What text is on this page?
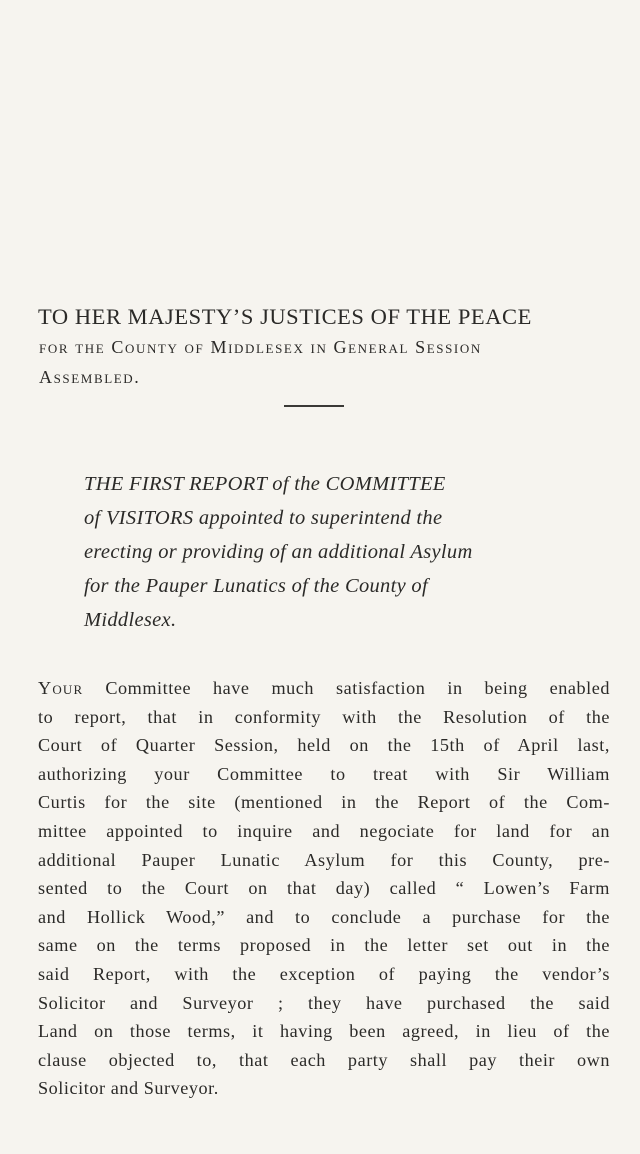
TO HER MAJESTY’S JUSTICES OF THE PEACE
for the County of Middlesex in General Session
Assembled.
THE FIRST REPORT of the COMMITTEE
of VISITORS appointed to superintend the
erecting or providing of an additional Asylum
for the Pauper Lunatics of the County of
Middlesex.
Your Committee have much satisfaction in being enabled
to report, that in conformity with the Resolution of the
Court of Quarter Session, held on the 15th of April last,
authorizing your Committee to treat with Sir William
Curtis for the site (mentioned in the Report of the Com-
mittee appointed to inquire and negociate for land for an
additional Pauper Lunatic Asylum for this County, pre-
sented to the Court on that day) called “ Lowen’s Farm
and Hollick Wood,” and to conclude a purchase for the
same on the terms proposed in the letter set out in the
said Report, with the exception of paying the vendor’s
Solicitor and Surveyor ; they have purchased the said
Land on those terms, it having been agreed, in lieu of the
clause objected to, that each party shall pay their own
Solicitor and Surveyor.
